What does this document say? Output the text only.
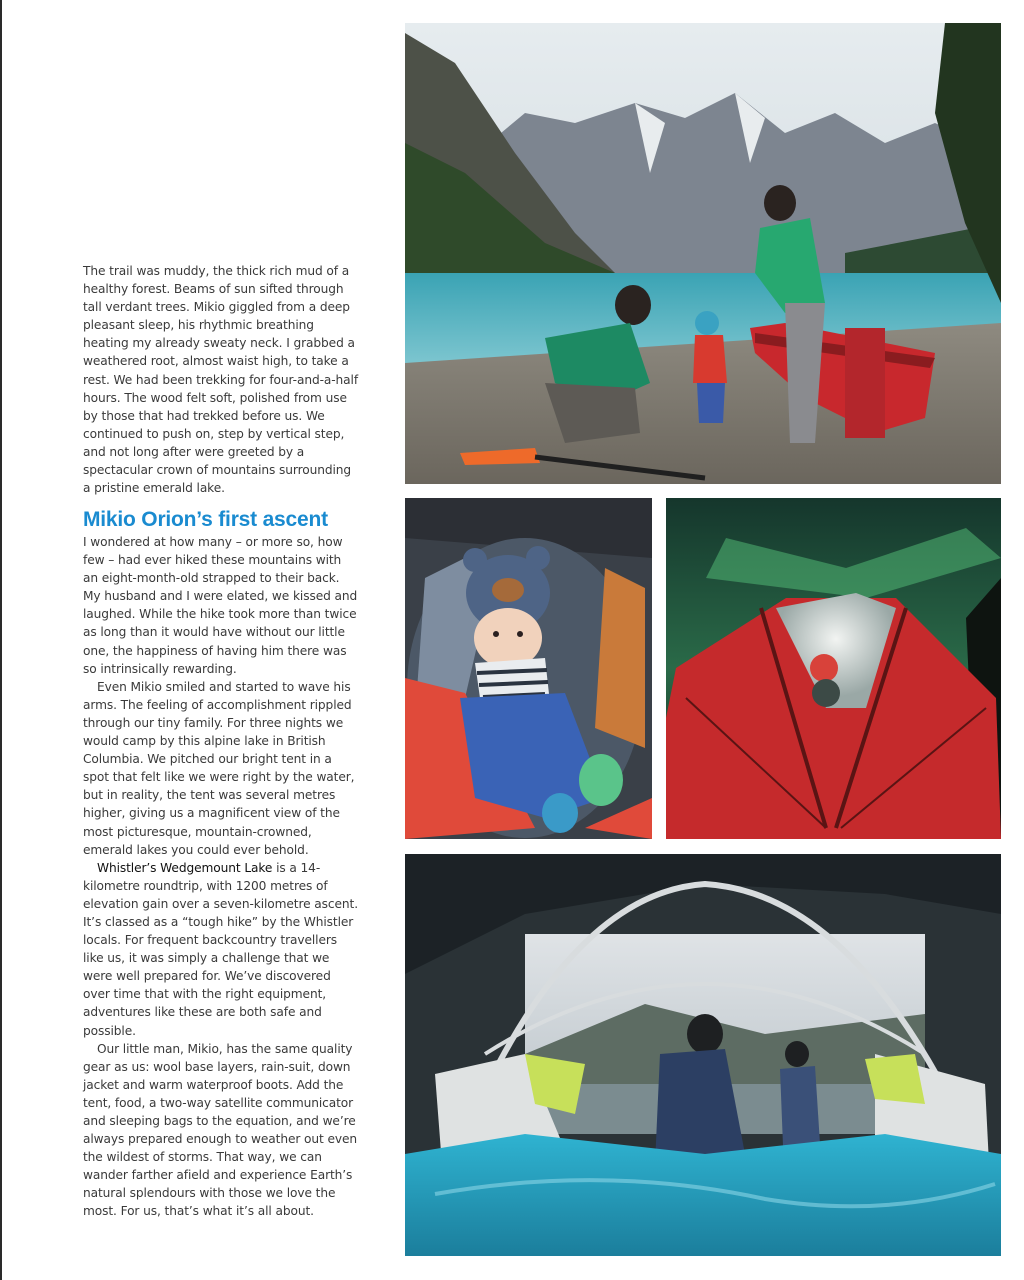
The trail was muddy, the thick rich mud of a healthy forest. Beams of sun sifted through tall verdant trees. Mikio giggled from a deep pleasant sleep, his rhythmic breathing heating my already sweaty neck. I grabbed a weathered root, almost waist high, to take a rest. We had been trekking for four-and-a-half hours. The wood felt soft, polished from use by those that had trekked before us. We continued to push on, step by vertical step, and not long after were greeted by a spectacular crown of mountains surrounding a pristine emerald lake.

Mikio Orion’s first ascent

I wondered at how many – or more so, how few – had ever hiked these mountains with an eight-month-old strapped to their back. My husband and I were elated, we kissed and laughed. While the hike took more than twice as long than it would have without our little one, the happiness of having him there was so intrinsically rewarding.

Even Mikio smiled and started to wave his arms. The feeling of accomplishment rippled through our tiny family. For three nights we would camp by this alpine lake in British Columbia. We pitched our bright tent in a spot that felt like we were right by the water, but in reality, the tent was several metres higher, giving us a magnificent view of the most picturesque, mountain-crowned, emerald lakes you could ever behold.

Whistler’s Wedgemount Lake is a 14-kilometre roundtrip, with 1200 metres of elevation gain over a seven-kilometre ascent. It’s classed as a “tough hike” by the Whistler locals. For frequent backcountry travellers like us, it was simply a challenge that we were well prepared for. We’ve discovered over time that with the right equipment, adventures like these are both safe and possible.

Our little man, Mikio, has the same quality gear as us: wool base layers, rain-suit, down jacket and warm waterproof boots. Add the tent, food, a two-way satellite communicator and sleeping bags to the equation, and we’re always prepared enough to weather out even the wildest of storms. That way, we can wander farther afield and experience Earth’s natural splendours with those we love the most. For us, that’s what it’s all about.
